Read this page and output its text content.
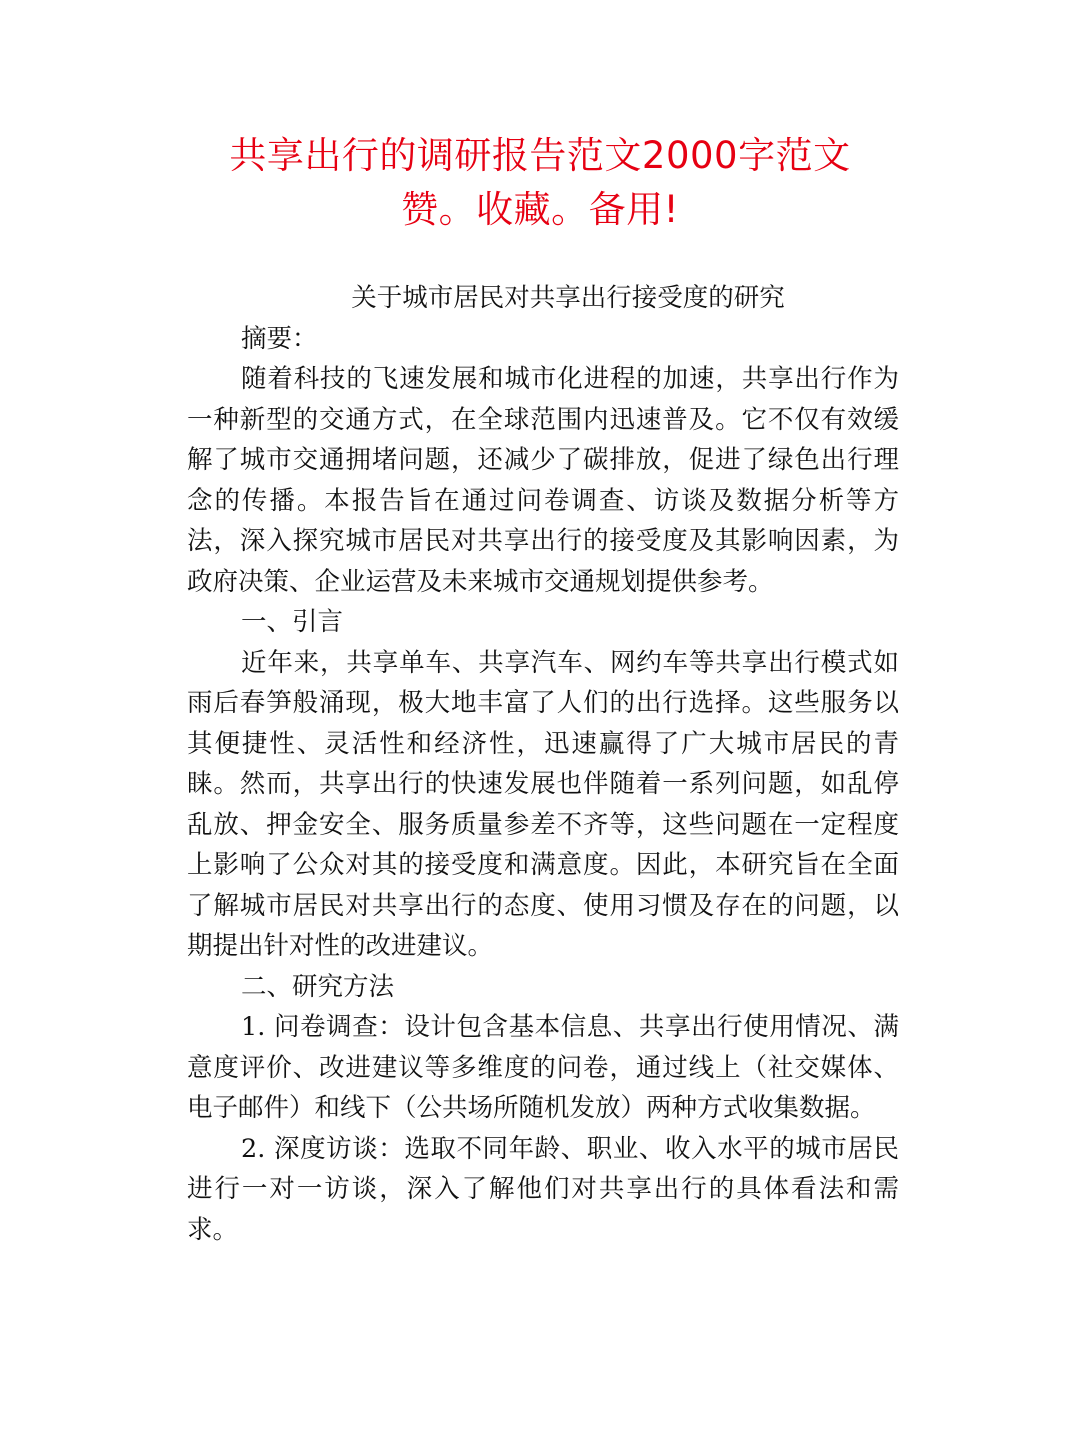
共享出行的调研报告范文2000字范文
赞。收藏。备用!

关于城市居民对共享出行接受度的研究

摘要：

随着科技的飞速发展和城市化进程的加速，共享出行作为一种新型的交通方式，在全球范围内迅速普及。它不仅有效缓解了城市交通拥堵问题，还减少了碳排放，促进了绿色出行理念的传播。本报告旨在通过问卷调查、访谈及数据分析等方法，深入探究城市居民对共享出行的接受度及其影响因素，为政府决策、企业运营及未来城市交通规划提供参考。

一、引言

近年来，共享单车、共享汽车、网约车等共享出行模式如雨后春笋般涌现，极大地丰富了人们的出行选择。这些服务以其便捷性、灵活性和经济性，迅速赢得了广大城市居民的青睐。然而，共享出行的快速发展也伴随着一系列问题，如乱停乱放、押金安全、服务质量参差不齐等，这些问题在一定程度上影响了公众对其的接受度和满意度。因此，本研究旨在全面了解城市居民对共享出行的态度、使用习惯及存在的问题，以期提出针对性的改进建议。

二、研究方法

1. 问卷调查：设计包含基本信息、共享出行使用情况、满意度评价、改进建议等多维度的问卷，通过线上（社交媒体、电子邮件）和线下（公共场所随机发放）两种方式收集数据。

2. 深度访谈：选取不同年龄、职业、收入水平的城市居民进行一对一访谈，深入了解他们对共享出行的具体看法和需求。
